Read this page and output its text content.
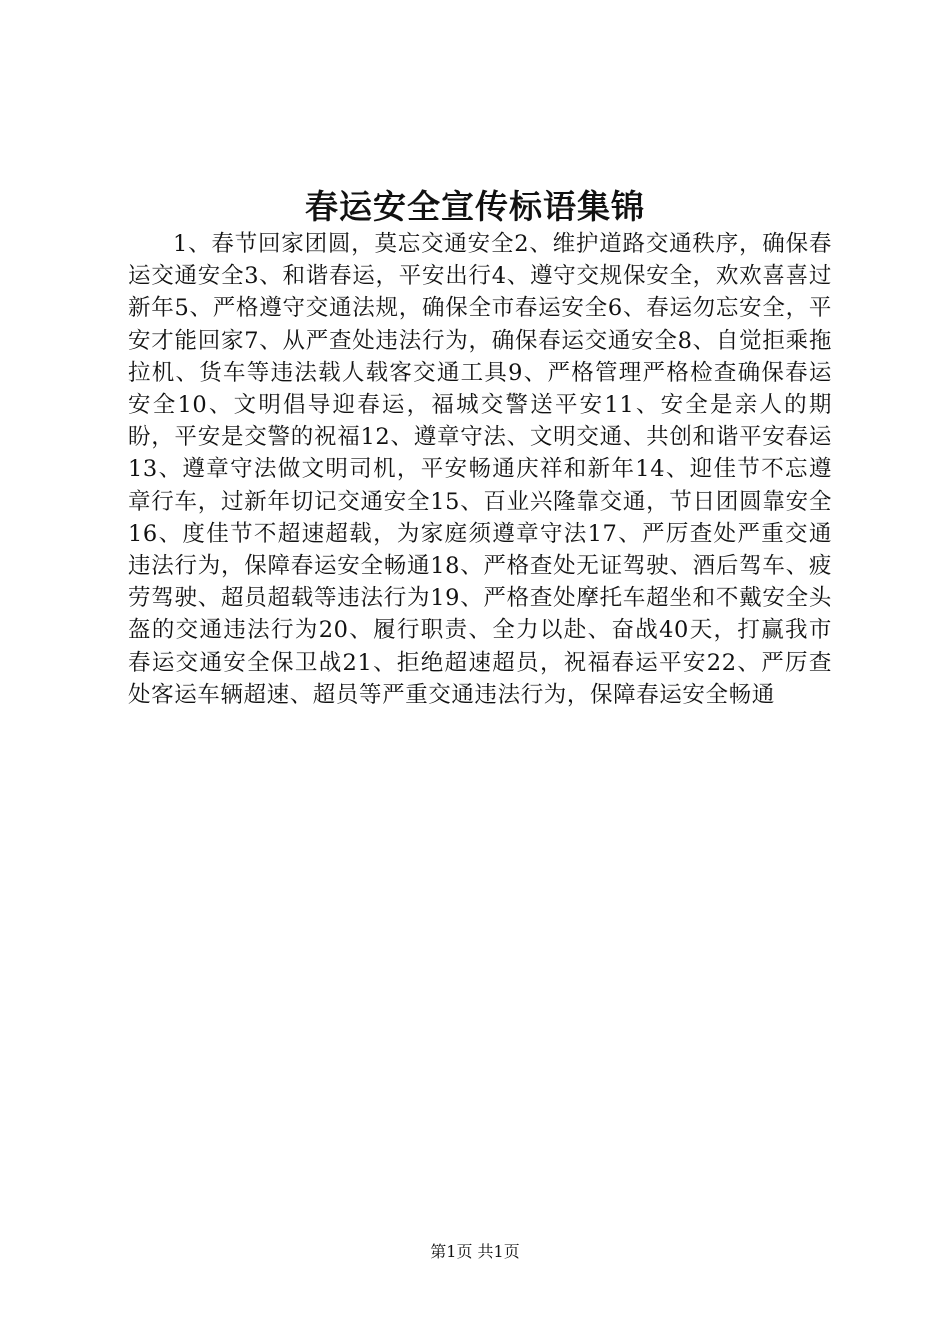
春运安全宣传标语集锦

1、春节回家团圆，莫忘交通安全2、维护道路交通秩序，确保春运交通安全3、和谐春运，平安出行4、遵守交规保安全，欢欢喜喜过新年5、严格遵守交通法规，确保全市春运安全6、春运勿忘安全，平安才能回家7、从严查处违法行为，确保春运交通安全8、自觉拒乘拖拉机、货车等违法载人载客交通工具9、严格管理严格检查确保春运安全10、文明倡导迎春运，福城交警送平安11、安全是亲人的期盼，平安是交警的祝福12、遵章守法、文明交通、共创和谐平安春运13、遵章守法做文明司机，平安畅通庆祥和新年14、迎佳节不忘遵章行车，过新年切记交通安全15、百业兴隆靠交通，节日团圆靠安全16、度佳节不超速超载，为家庭须遵章守法17、严厉查处严重交通违法行为，保障春运安全畅通18、严格查处无证驾驶、酒后驾车、疲劳驾驶、超员超载等违法行为19、严格查处摩托车超坐和不戴安全头盔的交通违法行为20、履行职责、全力以赴、奋战40天，打赢我市春运交通安全保卫战21、拒绝超速超员，祝福春运平安22、严厉查处客运车辆超速、超员等严重交通违法行为，保障春运安全畅通

第1页 共1页
